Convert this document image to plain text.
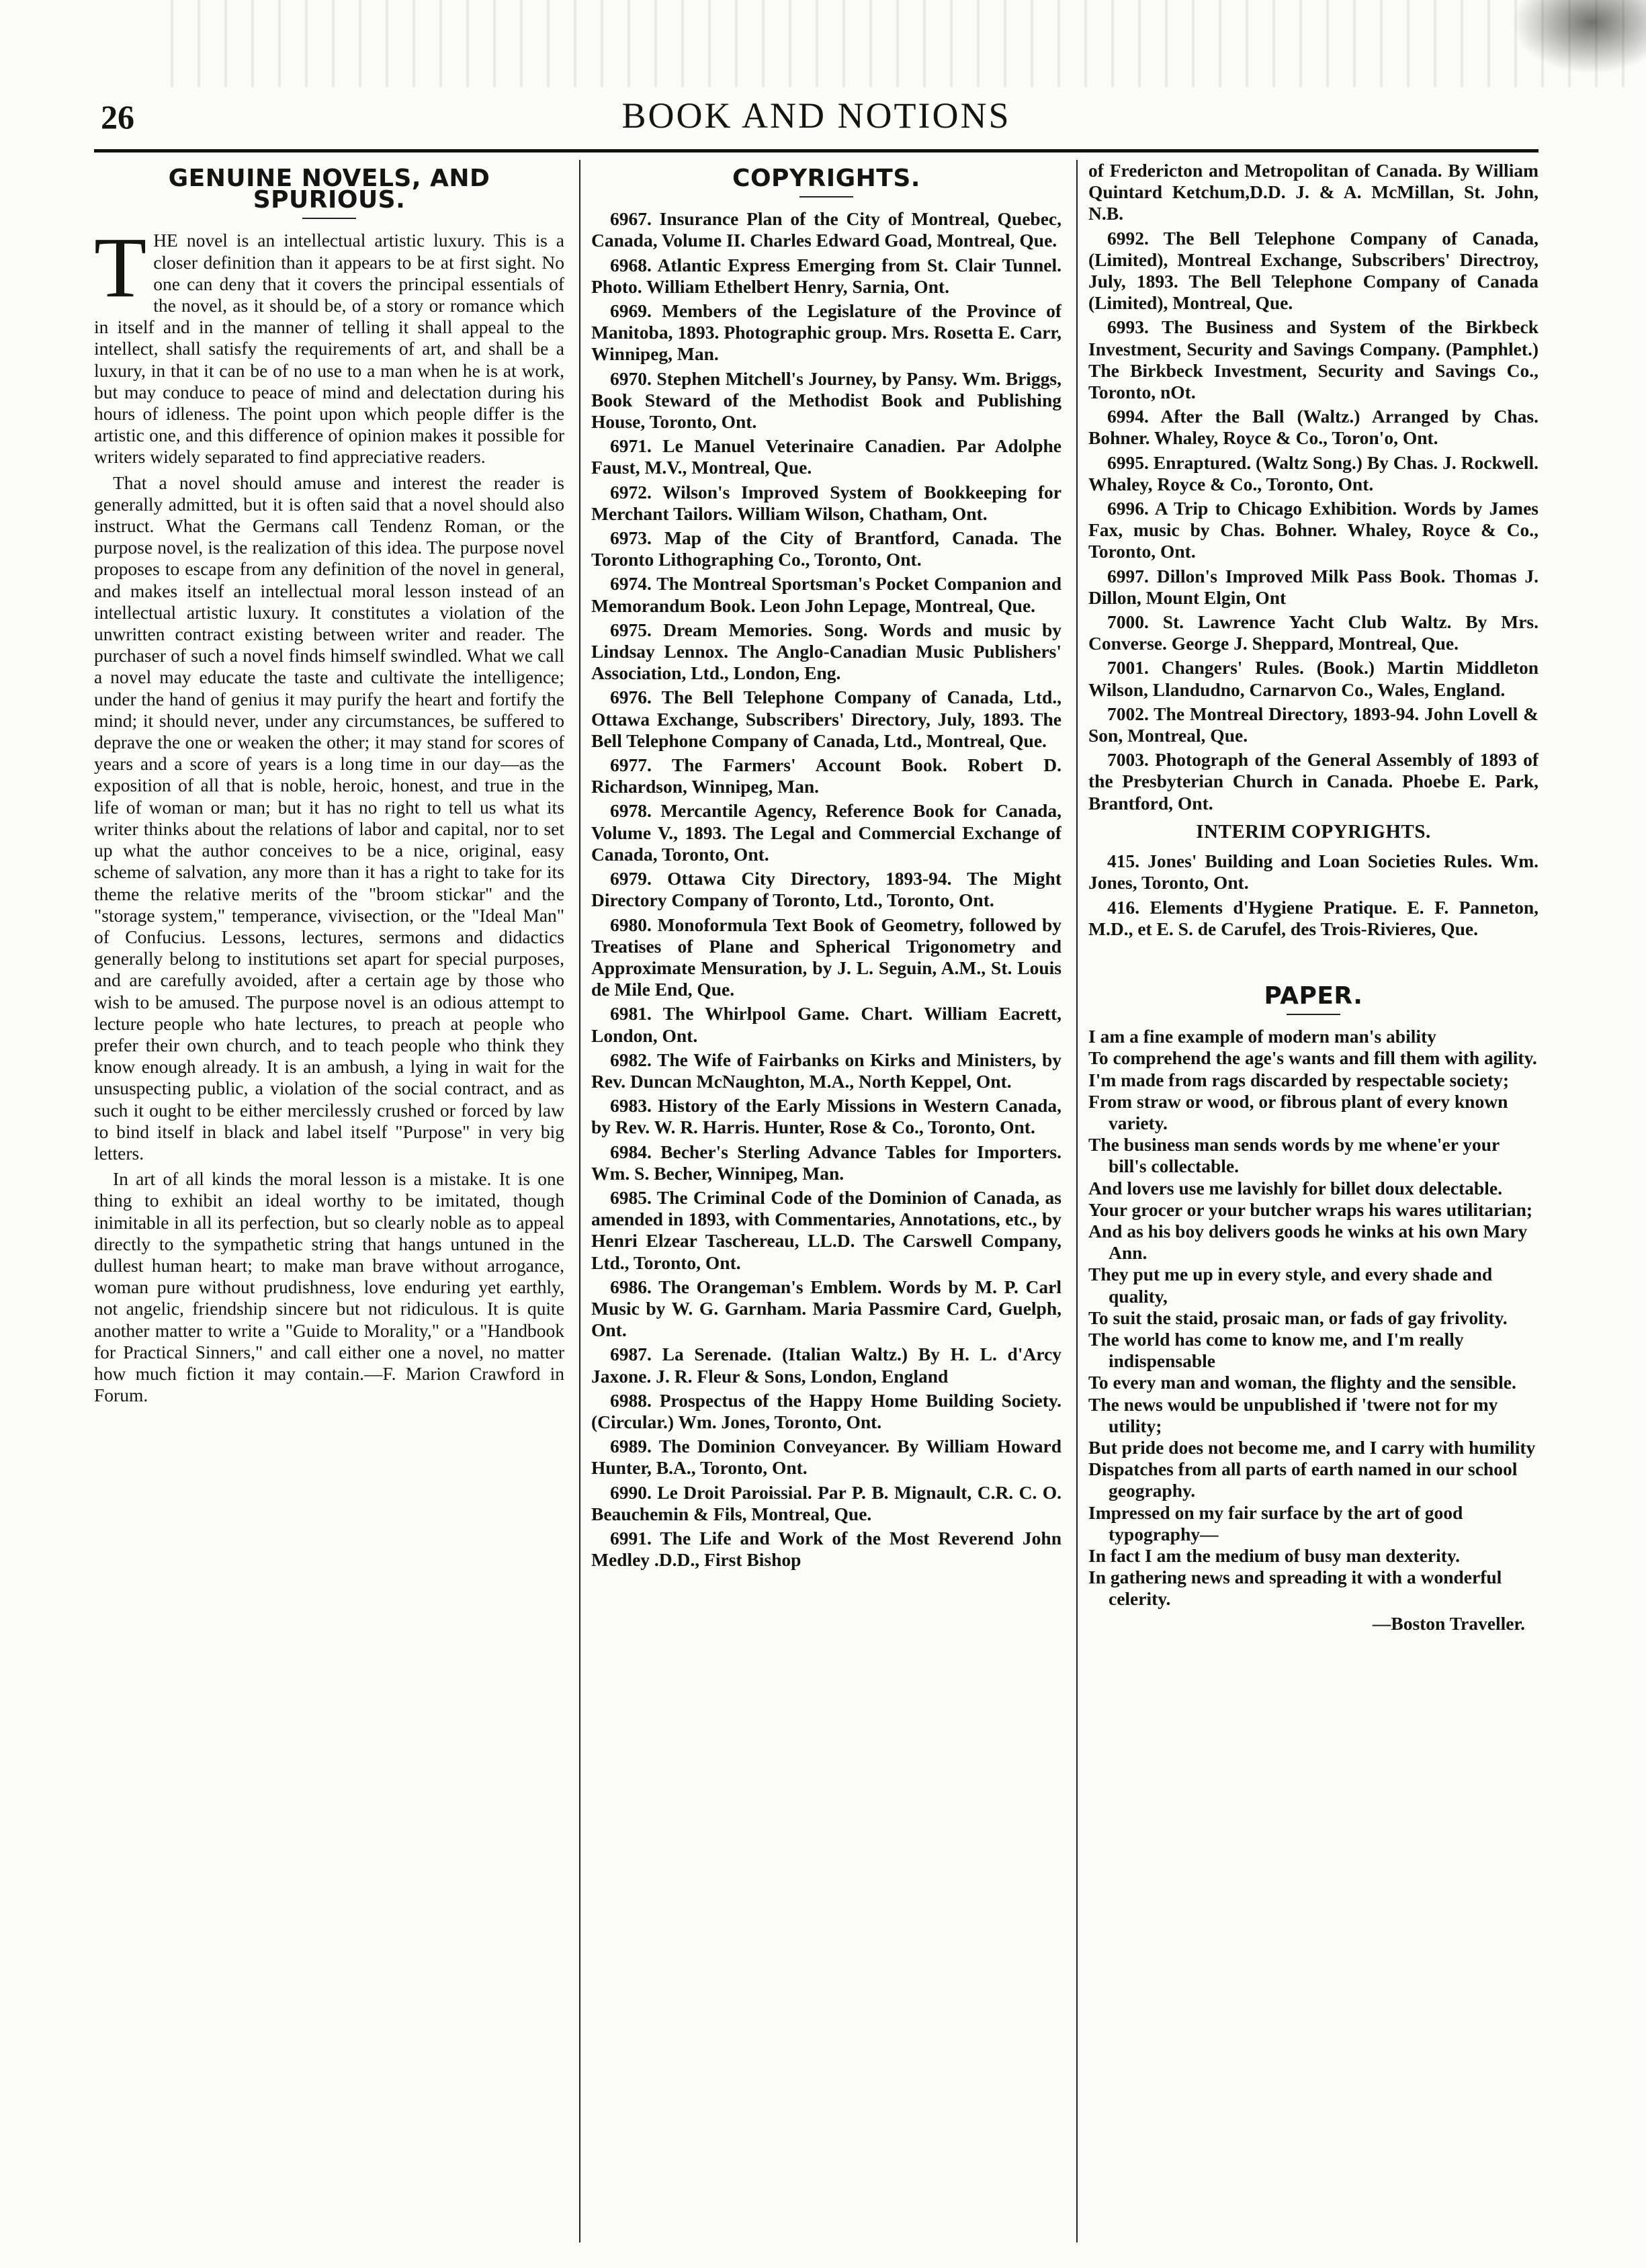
26	BOOK AND NOTIONS
GENUINE NOVELS, AND SPURIOUS.

THE novel is an intellectual artistic luxury. This is a closer definition than it appears to be at first sight. No one can deny that it covers the principal essentials of the novel, as it should be, of a story or romance which in itself and in the manner of telling it shall appeal to the intellect, shall satisfy the requirements of art, and shall be a luxury, in that it can be of no use to a man when he is at work, but may conduce to peace of mind and delectation during his hours of idleness. The point upon which people differ is the artistic one, and this difference of opinion makes it possible for writers widely separated to find appreciative readers.

That a novel should amuse and interest the reader is generally admitted, but it is often said that a novel should also instruct. What the Germans call Tendenz Roman, or the purpose novel, is the realization of this idea. The purpose novel proposes to escape from any definition of the novel in general, and makes itself an intellectual moral lesson instead of an intellectual artistic luxury. It constitutes a violation of the unwritten contract existing between writer and reader. The purchaser of such a novel finds himself swindled. What we call a novel may educate the taste and cultivate the intelligence; under the hand of genius it may purify the heart and fortify the mind; it should never, under any circumstances, be suffered to deprave the one or weaken the other; it may stand for scores of years and a score of years is a long time in our day—as the exposition of all that is noble, heroic, honest, and true in the life of woman or man; but it has no right to tell us what its writer thinks about the relations of labor and capital, nor to set up what the author conceives to be a nice, original, easy scheme of salvation, any more than it has a right to take for its theme the relative merits of the "broom stickar" and the "storage system," temperance, vivisection, or the "Ideal Man" of Confucius. Lessons, lectures, sermons and didactics generally belong to institutions set apart for special purposes, and are carefully avoided, after a certain age by those who wish to be amused. The purpose novel is an odious attempt to lecture people who hate lectures, to preach at people who prefer their own church, and to teach people who think they know enough already. It is an ambush, a lying in wait for the unsuspecting public, a violation of the social contract, and as such it ought to be either mercilessly crushed or forced by law to bind itself in black and label itself "Purpose" in very big letters.

In art of all kinds the moral lesson is a mistake. It is one thing to exhibit an ideal worthy to be imitated, though inimitable in all its perfection, but so clearly noble as to appeal directly to the sympathetic string that hangs untuned in the dullest human heart; to make man brave without arrogance, woman pure without prudishness, love enduring yet earthly, not angelic, friendship sincere but not ridiculous. It is quite another matter to write a "Guide to Morality," or a "Handbook for Practical Sinners," and call either one a novel, no matter how much fiction it may contain.—F. Marion Crawford in Forum.

COPYRIGHTS.

6967. Insurance Plan of the City of Montreal, Quebec, Canada, Volume II. Charles Edward Goad, Montreal, Que.

6968. Atlantic Express Emerging from St. Clair Tunnel. Photo. William Ethelbert Henry, Sarnia, Ont.

6969. Members of the Legislature of the Province of Manitoba, 1893. Photographic group. Mrs. Rosetta E. Carr, Winnipeg, Man.

6970. Stephen Mitchell's Journey, by Pansy. Wm. Briggs, Book Steward of the Methodist Book and Publishing House, Toronto, Ont.

6971. Le Manuel Veterinaire Canadien. Par Adolphe Faust, M.V., Montreal, Que.

6972. Wilson's Improved System of Bookkeeping for Merchant Tailors. William Wilson, Chatham, Ont.

6973. Map of the City of Brantford, Canada. The Toronto Lithographing Co., Toronto, Ont.

6974. The Montreal Sportsman's Pocket Companion and Memorandum Book. Leon John Lepage, Montreal, Que.

6975. Dream Memories. Song. Words and music by Lindsay Lennox. The Anglo-Canadian Music Publishers' Association, Ltd., London, Eng.

6976. The Bell Telephone Company of Canada, Ltd., Ottawa Exchange, Subscribers' Directory, July, 1893. The Bell Telephone Company of Canada, Ltd., Montreal, Que.

6977. The Farmers' Account Book. Robert D. Richardson, Winnipeg, Man.

6978. Mercantile Agency, Reference Book for Canada, Volume V., 1893. The Legal and Commercial Exchange of Canada, Toronto, Ont.

6979. Ottawa City Directory, 1893-94. The Might Directory Company of Toronto, Ltd., Toronto, Ont.

6980. Monoformula Text Book of Geometry, followed by Treatises of Plane and Spherical Trigonometry and Approximate Mensuration, by J. L. Seguin, A.M., St. Louis de Mile End, Que.

6981. The Whirlpool Game. Chart. William Eacrett, London, Ont.

6982. The Wife of Fairbanks on Kirks and Ministers, by Rev. Duncan McNaughton, M.A., North Keppel, Ont.

6983. History of the Early Missions in Western Canada, by Rev. W. R. Harris. Hunter, Rose & Co., Toronto, Ont.

6984. Becher's Sterling Advance Tables for Importers. Wm. S. Becher, Winnipeg, Man.

6985. The Criminal Code of the Dominion of Canada, as amended in 1893, with Commentaries, Annotations, etc., by Henri Elzear Taschereau, LL.D. The Carswell Company, Ltd., Toronto, Ont.

6986. The Orangeman's Emblem. Words by M. P. Carl Music by W. G. Garnham. Maria Passmire Card, Guelph, Ont.

6987. La Serenade. (Italian Waltz.) By H. L. d'Arcy Jaxone. J. R. Fleur & Sons, London, England

6988. Prospectus of the Happy Home Building Society. (Circular.) Wm. Jones, Toronto, Ont.

6989. The Dominion Conveyancer. By William Howard Hunter, B.A., Toronto, Ont.

6990. Le Droit Paroissial. Par P. B. Mignault, C.R. C. O. Beauchemin & Fils, Montreal, Que.

6991. The Life and Work of the Most Reverend John Medley .D.D., First Bishop

of Fredericton and Metropolitan of Canada. By William Quintard Ketchum,D.D. J. & A. McMillan, St. John, N.B.

6992. The Bell Telephone Company of Canada, (Limited), Montreal Exchange, Subscribers' Directroy, July, 1893. The Bell Telephone Company of Canada (Limited), Montreal, Que.

6993. The Business and System of the Birkbeck Investment, Security and Savings Company. (Pamphlet.) The Birkbeck Investment, Security and Savings Co., Toronto, nOt.

6994. After the Ball (Waltz.) Arranged by Chas. Bohner. Whaley, Royce & Co., Toron'o, Ont.

6995. Enraptured. (Waltz Song.) By Chas. J. Rockwell. Whaley, Royce & Co., Toronto, Ont.

6996. A Trip to Chicago Exhibition. Words by James Fax, music by Chas. Bohner. Whaley, Royce & Co., Toronto, Ont.

6997. Dillon's Improved Milk Pass Book. Thomas J. Dillon, Mount Elgin, Ont

7000. St. Lawrence Yacht Club Waltz. By Mrs. Converse. George J. Sheppard, Montreal, Que.

7001. Changers' Rules. (Book.) Martin Middleton Wilson, Llandudno, Carnarvon Co., Wales, England.

7002. The Montreal Directory, 1893-94. John Lovell & Son, Montreal, Que.

7003. Photograph of the General Assembly of 1893 of the Presbyterian Church in Canada. Phoebe E. Park, Brantford, Ont.

INTERIM COPYRIGHTS.

415. Jones' Building and Loan Societies Rules. Wm. Jones, Toronto, Ont.

416. Elements d'Hygiene Pratique. E. F. Panneton, M.D., et E. S. de Carufel, des Trois-Rivieres, Que.

PAPER.

I am a fine example of modern man's ability

To comprehend the age's wants and fill them with agility.

I'm made from rags discarded by respectable society;

From straw or wood, or fibrous plant of every known variety.

The business man sends words by me whene'er your bill's collectable.

And lovers use me lavishly for billet doux delectable.

Your grocer or your butcher wraps his wares utilitarian;

And as his boy delivers goods he winks at his own Mary Ann.

They put me up in every style, and every shade and quality,

To suit the staid, prosaic man, or fads of gay frivolity.

The world has come to know me, and I'm really indispensable

To every man and woman, the flighty and the sensible.

The news would be unpublished if 'twere not for my utility;

But pride does not become me, and I carry with humility

Dispatches from all parts of earth named in our school geography.

Impressed on my fair surface by the art of good typography—

In fact I am the medium of busy man dexterity.

In gathering news and spreading it with a wonderful celerity.

—Boston Traveller.
